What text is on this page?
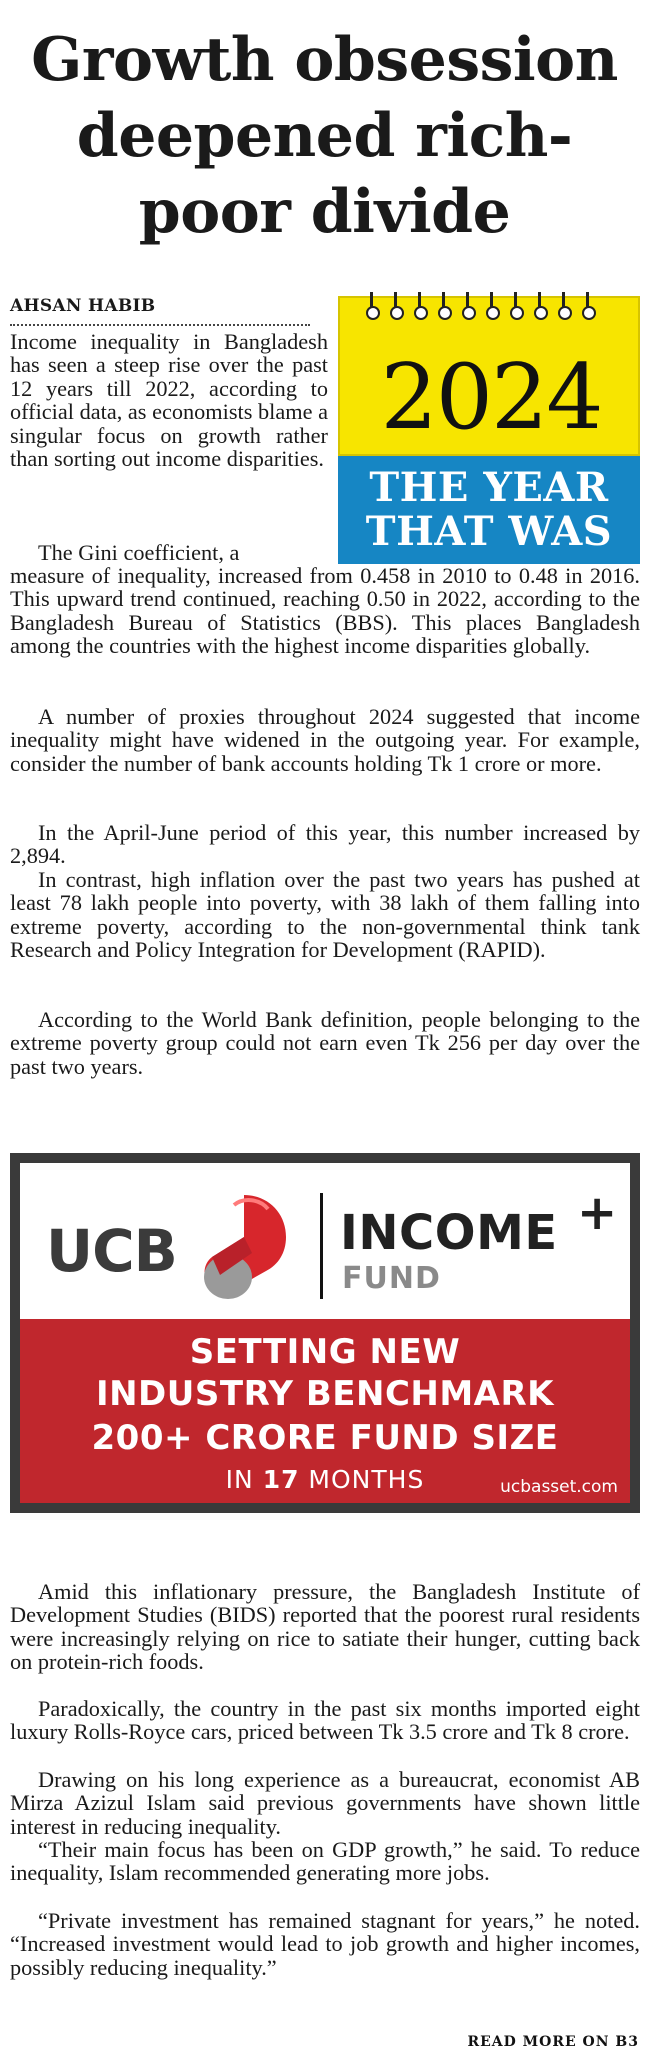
Growth obsession
deepened rich-
poor divide
AHSAN HABIB
2024
THE YEAR
THAT WAS

Income inequality in Bangladesh has seen a steep rise over the past 12 years till 2022, according to official data, as economists blame a singular focus on growth rather than sorting out income disparities.

The Gini coefficient, a

measure of inequality, increased from 0.458 in 2010 to 0.48 in 2016. This upward trend continued, reaching 0.50 in 2022, according to the Bangladesh Bureau of Statistics (BBS). This places Bangladesh among the countries with the highest income disparities globally.

A number of proxies throughout 2024 suggested that income inequality might have widened in the outgoing year. For example, consider the number of bank accounts holding Tk 1 crore or more.

In the April-June period of this year, this number increased by 2,894.

In contrast, high inflation over the past two years has pushed at least 78 lakh people into poverty, with 38 lakh of them falling into extreme poverty, according to the non-governmental think tank Research and Policy Integration for Development (RAPID).

According to the World Bank definition, people belonging to the extreme poverty group could not earn even Tk 256 per day over the past two years.

UCB	INCOME +
FUND
SETTING NEW
INDUSTRY BENCHMARK
200+ CRORE FUND SIZE
IN 17 MONTHS	ucbasset.com

Amid this inflationary pressure, the Bangladesh Institute of Development Studies (BIDS) reported that the poorest rural residents were increasingly relying on rice to satiate their hunger, cutting back on protein-rich foods.

Paradoxically, the country in the past six months imported eight luxury Rolls-Royce cars, priced between Tk 3.5 crore and Tk 8 crore.

Drawing on his long experience as a bureaucrat, economist AB Mirza Azizul Islam said previous governments have shown little interest in reducing inequality.

“Their main focus has been on GDP growth,” he said. To reduce inequality, Islam recommended generating more jobs.

“Private investment has remained stagnant for years,” he noted. “Increased investment would lead to job growth and higher incomes, possibly reducing inequality.”

READ MORE ON B3
